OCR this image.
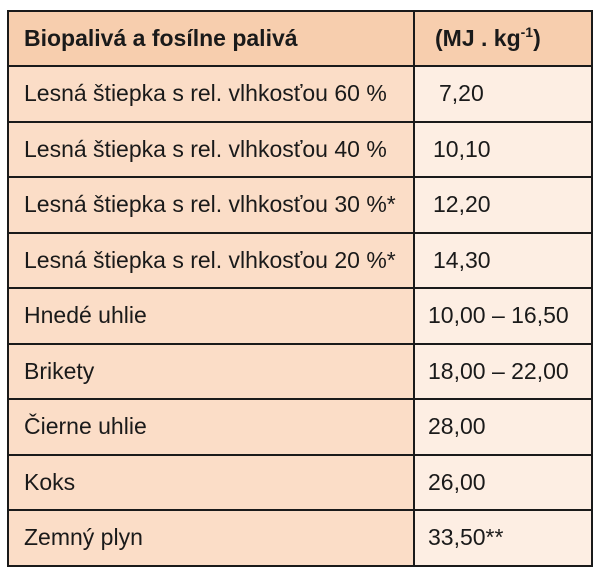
Biopalivá a fosílne palivá	(MJ . $kg^{-1}$)
Lesná štiepka s rel. vlhkosťou 60 %	7,20
Lesná štiepka s rel. vlhkosťou 40 %	10,10
Lesná štiepka s rel. vlhkosťou 30 %*	12,20
Lesná štiepka s rel. vlhkosťou 20 %*	14,30
Hnedé uhlie	10,00 – 16,50
Brikety	18,00 – 22,00
Čierne uhlie	28,00
Koks	26,00
Zemný plyn	33,50**
